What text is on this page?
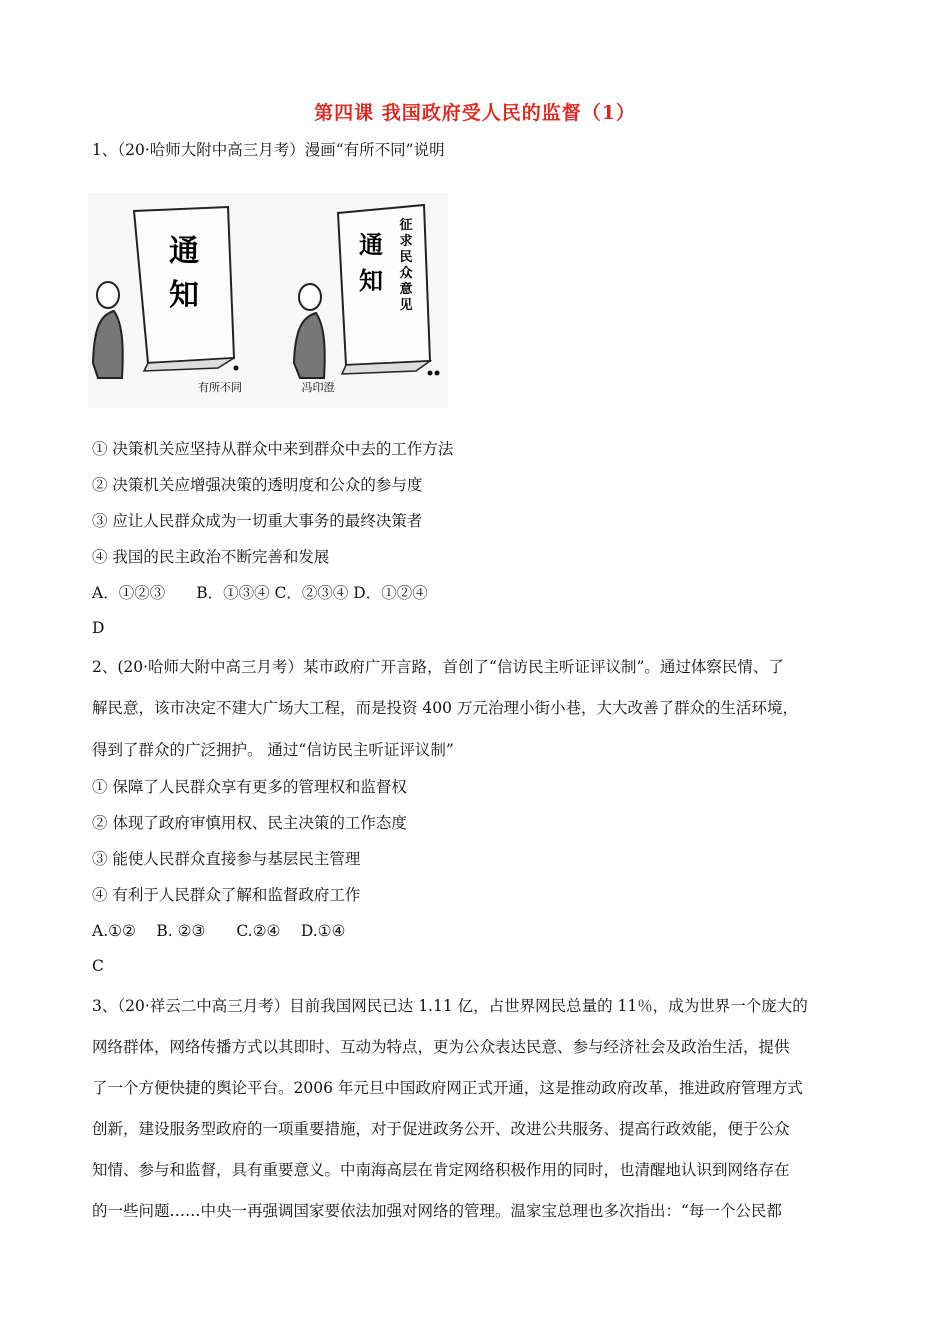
第四课 我国政府受人民的监督（1）
1、（20·哈师大附中高三月考）漫画“有所不同”说明
通
知
通
知
征
求
民
众
意
见
有所不同	冯印澄
① 决策机关应坚持从群众中来到群众中去的工作方法
② 决策机关应增强决策的透明度和公众的参与度
③ 应让人民群众成为一切重大事务的最终决策者
④ 我国的民主政治不断完善和发展
A．①②③　　B．①③④ C．②③④ D．①②④
D
2、(20·哈师大附中高三月考）某市政府广开言路，首创了“信访民主听证评议制”。通过体察民情、了
解民意，该市决定不建大广场大工程，而是投资 400 万元治理小街小巷，大大改善了群众的生活环境，
得到了群众的广泛拥护。 通过“信访民主听证评议制”
① 保障了人民群众享有更多的管理权和监督权
② 体现了政府审慎用权、民主决策的工作态度
③ 能使人民群众直接参与基层民主管理
④ 有利于人民群众了解和监督政府工作
A.①②　 B. ②③　　C.②④　 D.①④
C
3、（20·祥云二中高三月考）目前我国网民已达 1.11 亿，占世界网民总量的 11％，成为世界一个庞大的
网络群体，网络传播方式以其即时、互动为特点，更为公众表达民意、参与经济社会及政治生活，提供
了一个方便快捷的舆论平台。2006 年元旦中国政府网正式开通，这是推动政府改革，推进政府管理方式
创新，建设服务型政府的一项重要措施，对于促进政务公开、改进公共服务、提高行政效能，便于公众
知情、参与和监督，具有重要意义。中南海高层在肯定网络积极作用的同时，也清醒地认识到网络存在
的一些问题……中央一再强调国家要依法加强对网络的管理。温家宝总理也多次指出：“每一个公民都
